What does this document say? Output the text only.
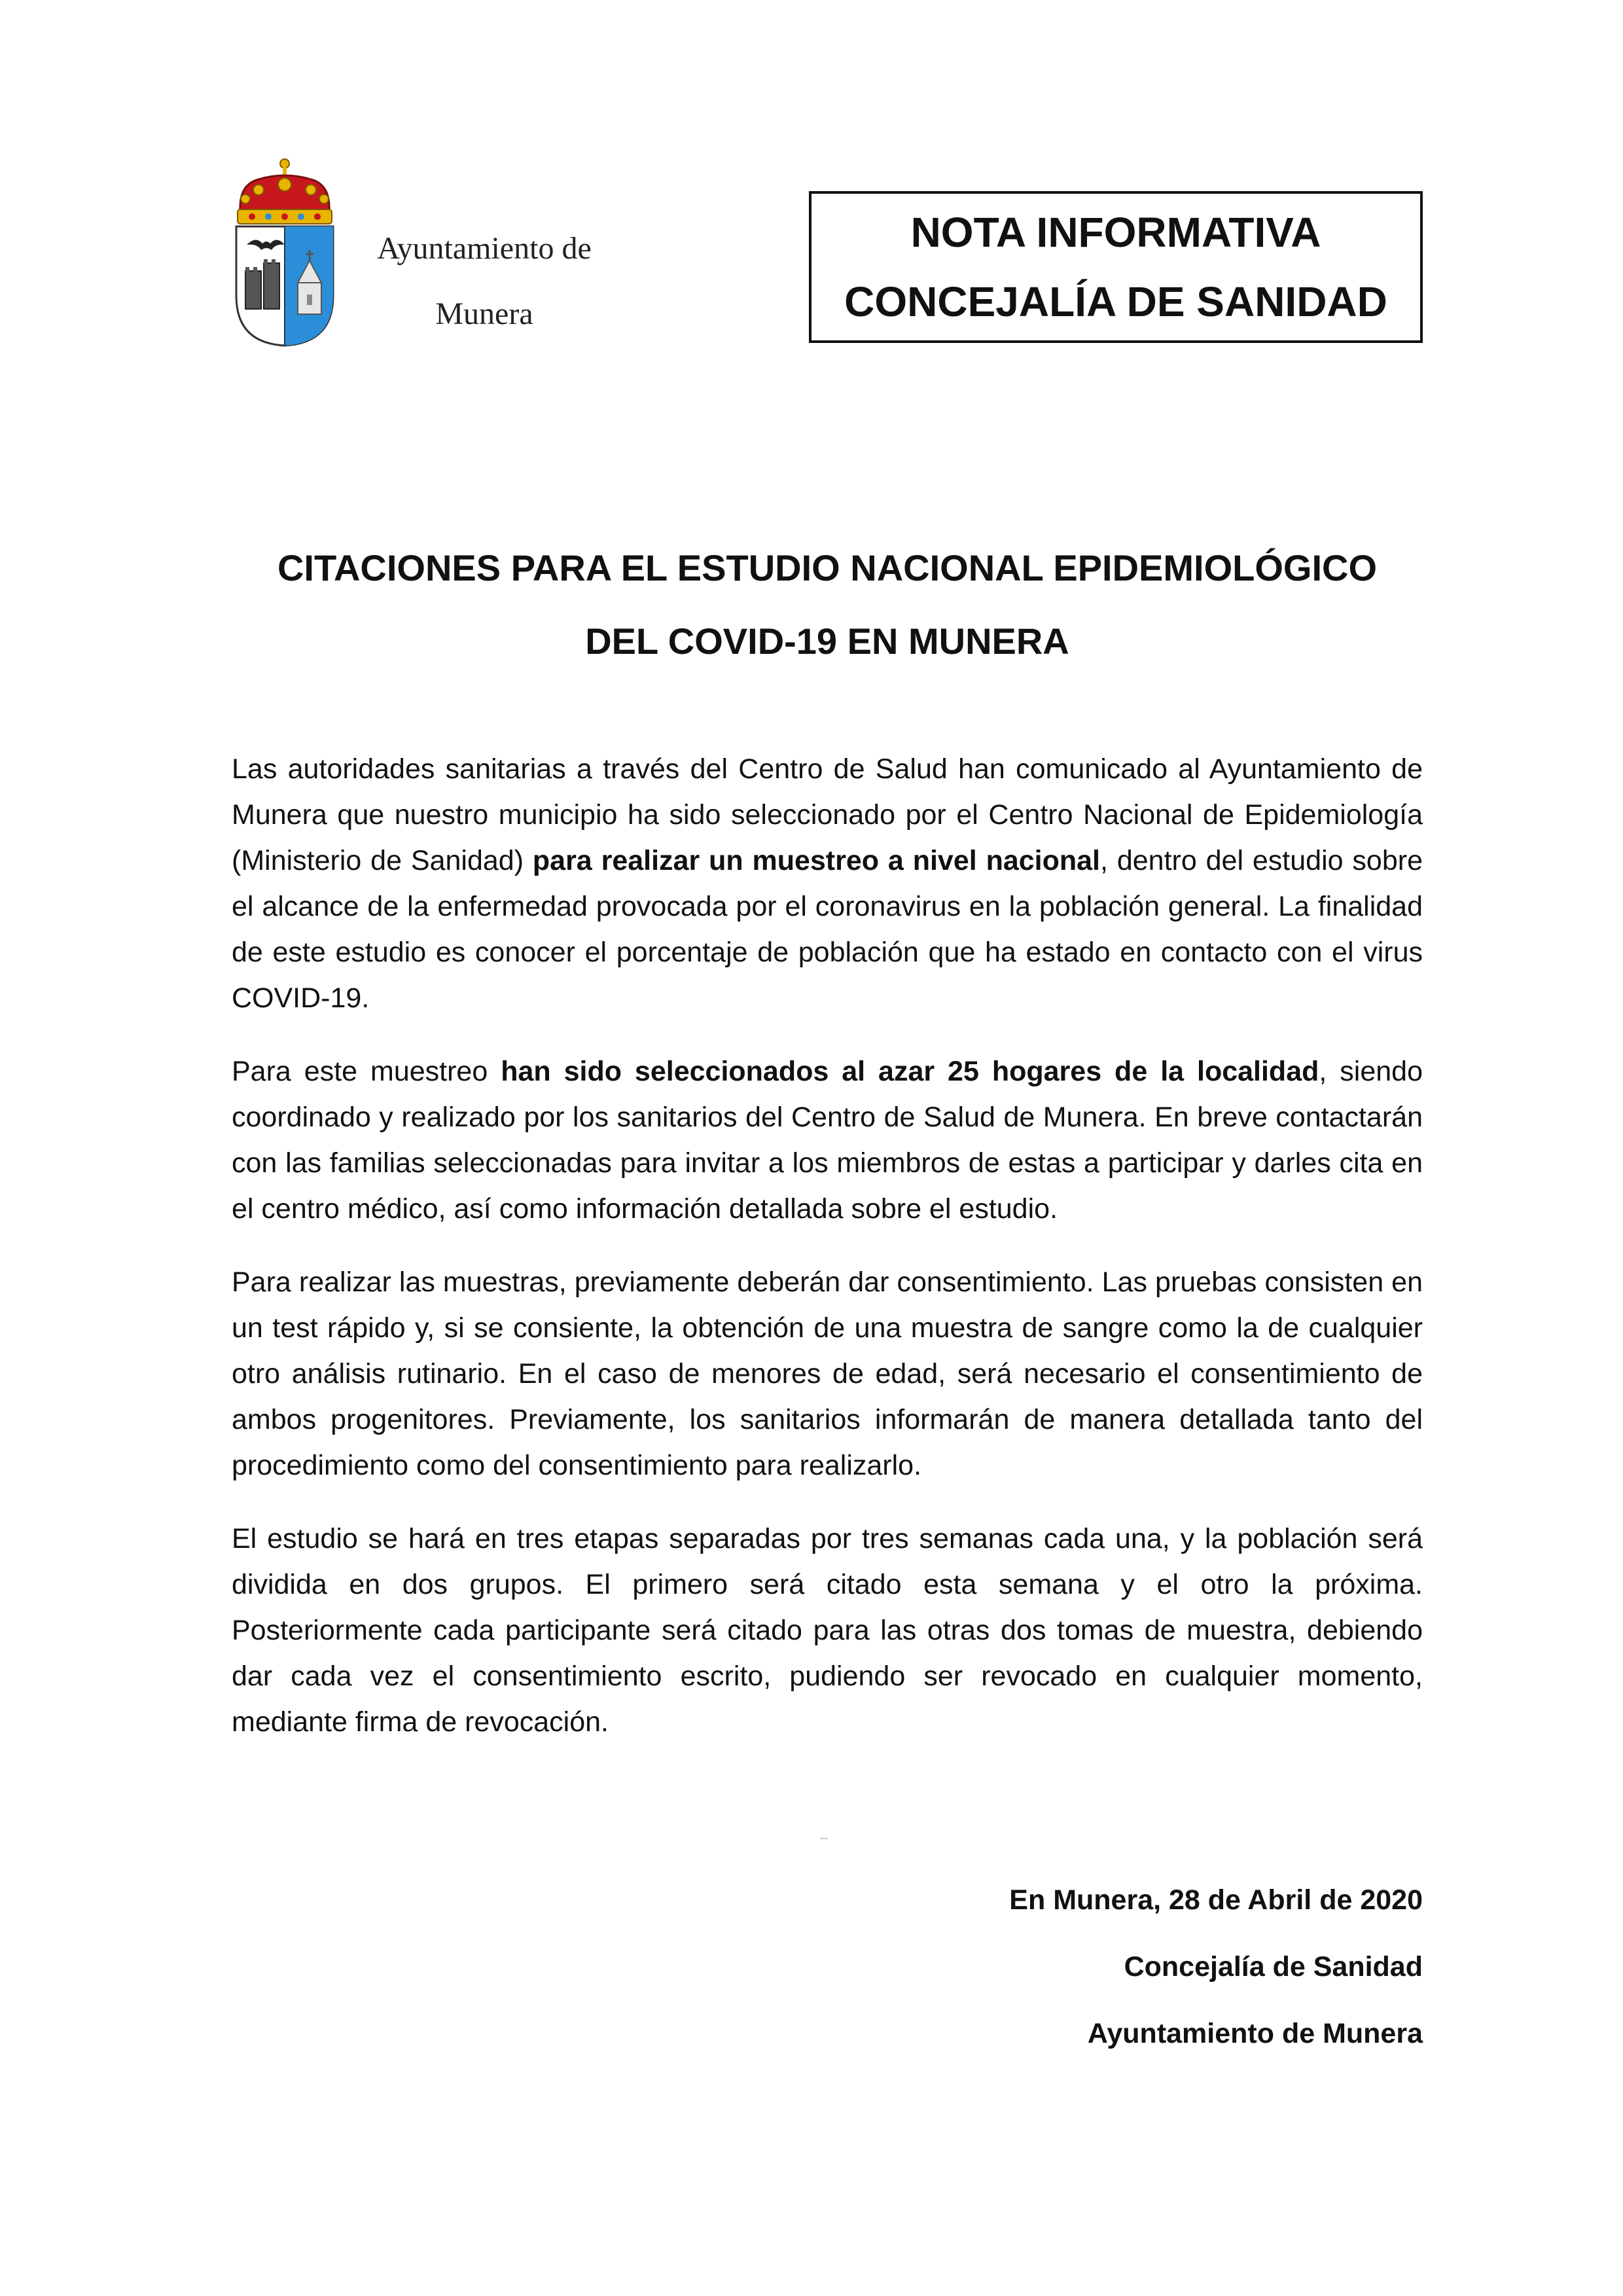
Ayuntamiento de
Munera
NOTA INFORMATIVA
CONCEJALÍA DE SANIDAD
CITACIONES PARA EL ESTUDIO NACIONAL EPIDEMIOLÓGICO
DEL COVID-19 EN MUNERA

Las autoridades sanitarias a través del Centro de Salud han comunicado al Ayuntamiento de Munera que nuestro municipio ha sido seleccionado por el Centro Nacional de Epidemiología (Ministerio de Sanidad) para realizar un muestreo a nivel nacional, dentro del estudio sobre el alcance de la enfermedad provocada por el coronavirus en la población general. La finalidad de este estudio es conocer el porcentaje de población que ha estado en contacto con el virus COVID-19.

Para este muestreo han sido seleccionados al azar 25 hogares de la localidad, siendo coordinado y realizado por los sanitarios del Centro de Salud de Munera. En breve contactarán con las familias seleccionadas para invitar a los miembros de estas a participar y darles cita en el centro médico, así como información detallada sobre el estudio.

Para realizar las muestras, previamente deberán dar consentimiento. Las pruebas consisten en un test rápido y, si se consiente, la obtención de una muestra de sangre como la de cualquier otro análisis rutinario. En el caso de menores de edad, será necesario el consentimiento de ambos progenitores. Previamente, los sanitarios informarán de manera detallada tanto del procedimiento como del consentimiento para realizarlo.

El estudio se hará en tres etapas separadas por tres semanas cada una, y la población será dividida en dos grupos. El primero será citado esta semana y el otro la próxima. Posteriormente cada participante será citado para las otras dos tomas de muestra, debiendo dar cada vez el consentimiento escrito, pudiendo ser revocado en cualquier momento, mediante firma de revocación.

En Munera, 28 de Abril de 2020
Concejalía de Sanidad
Ayuntamiento de Munera
